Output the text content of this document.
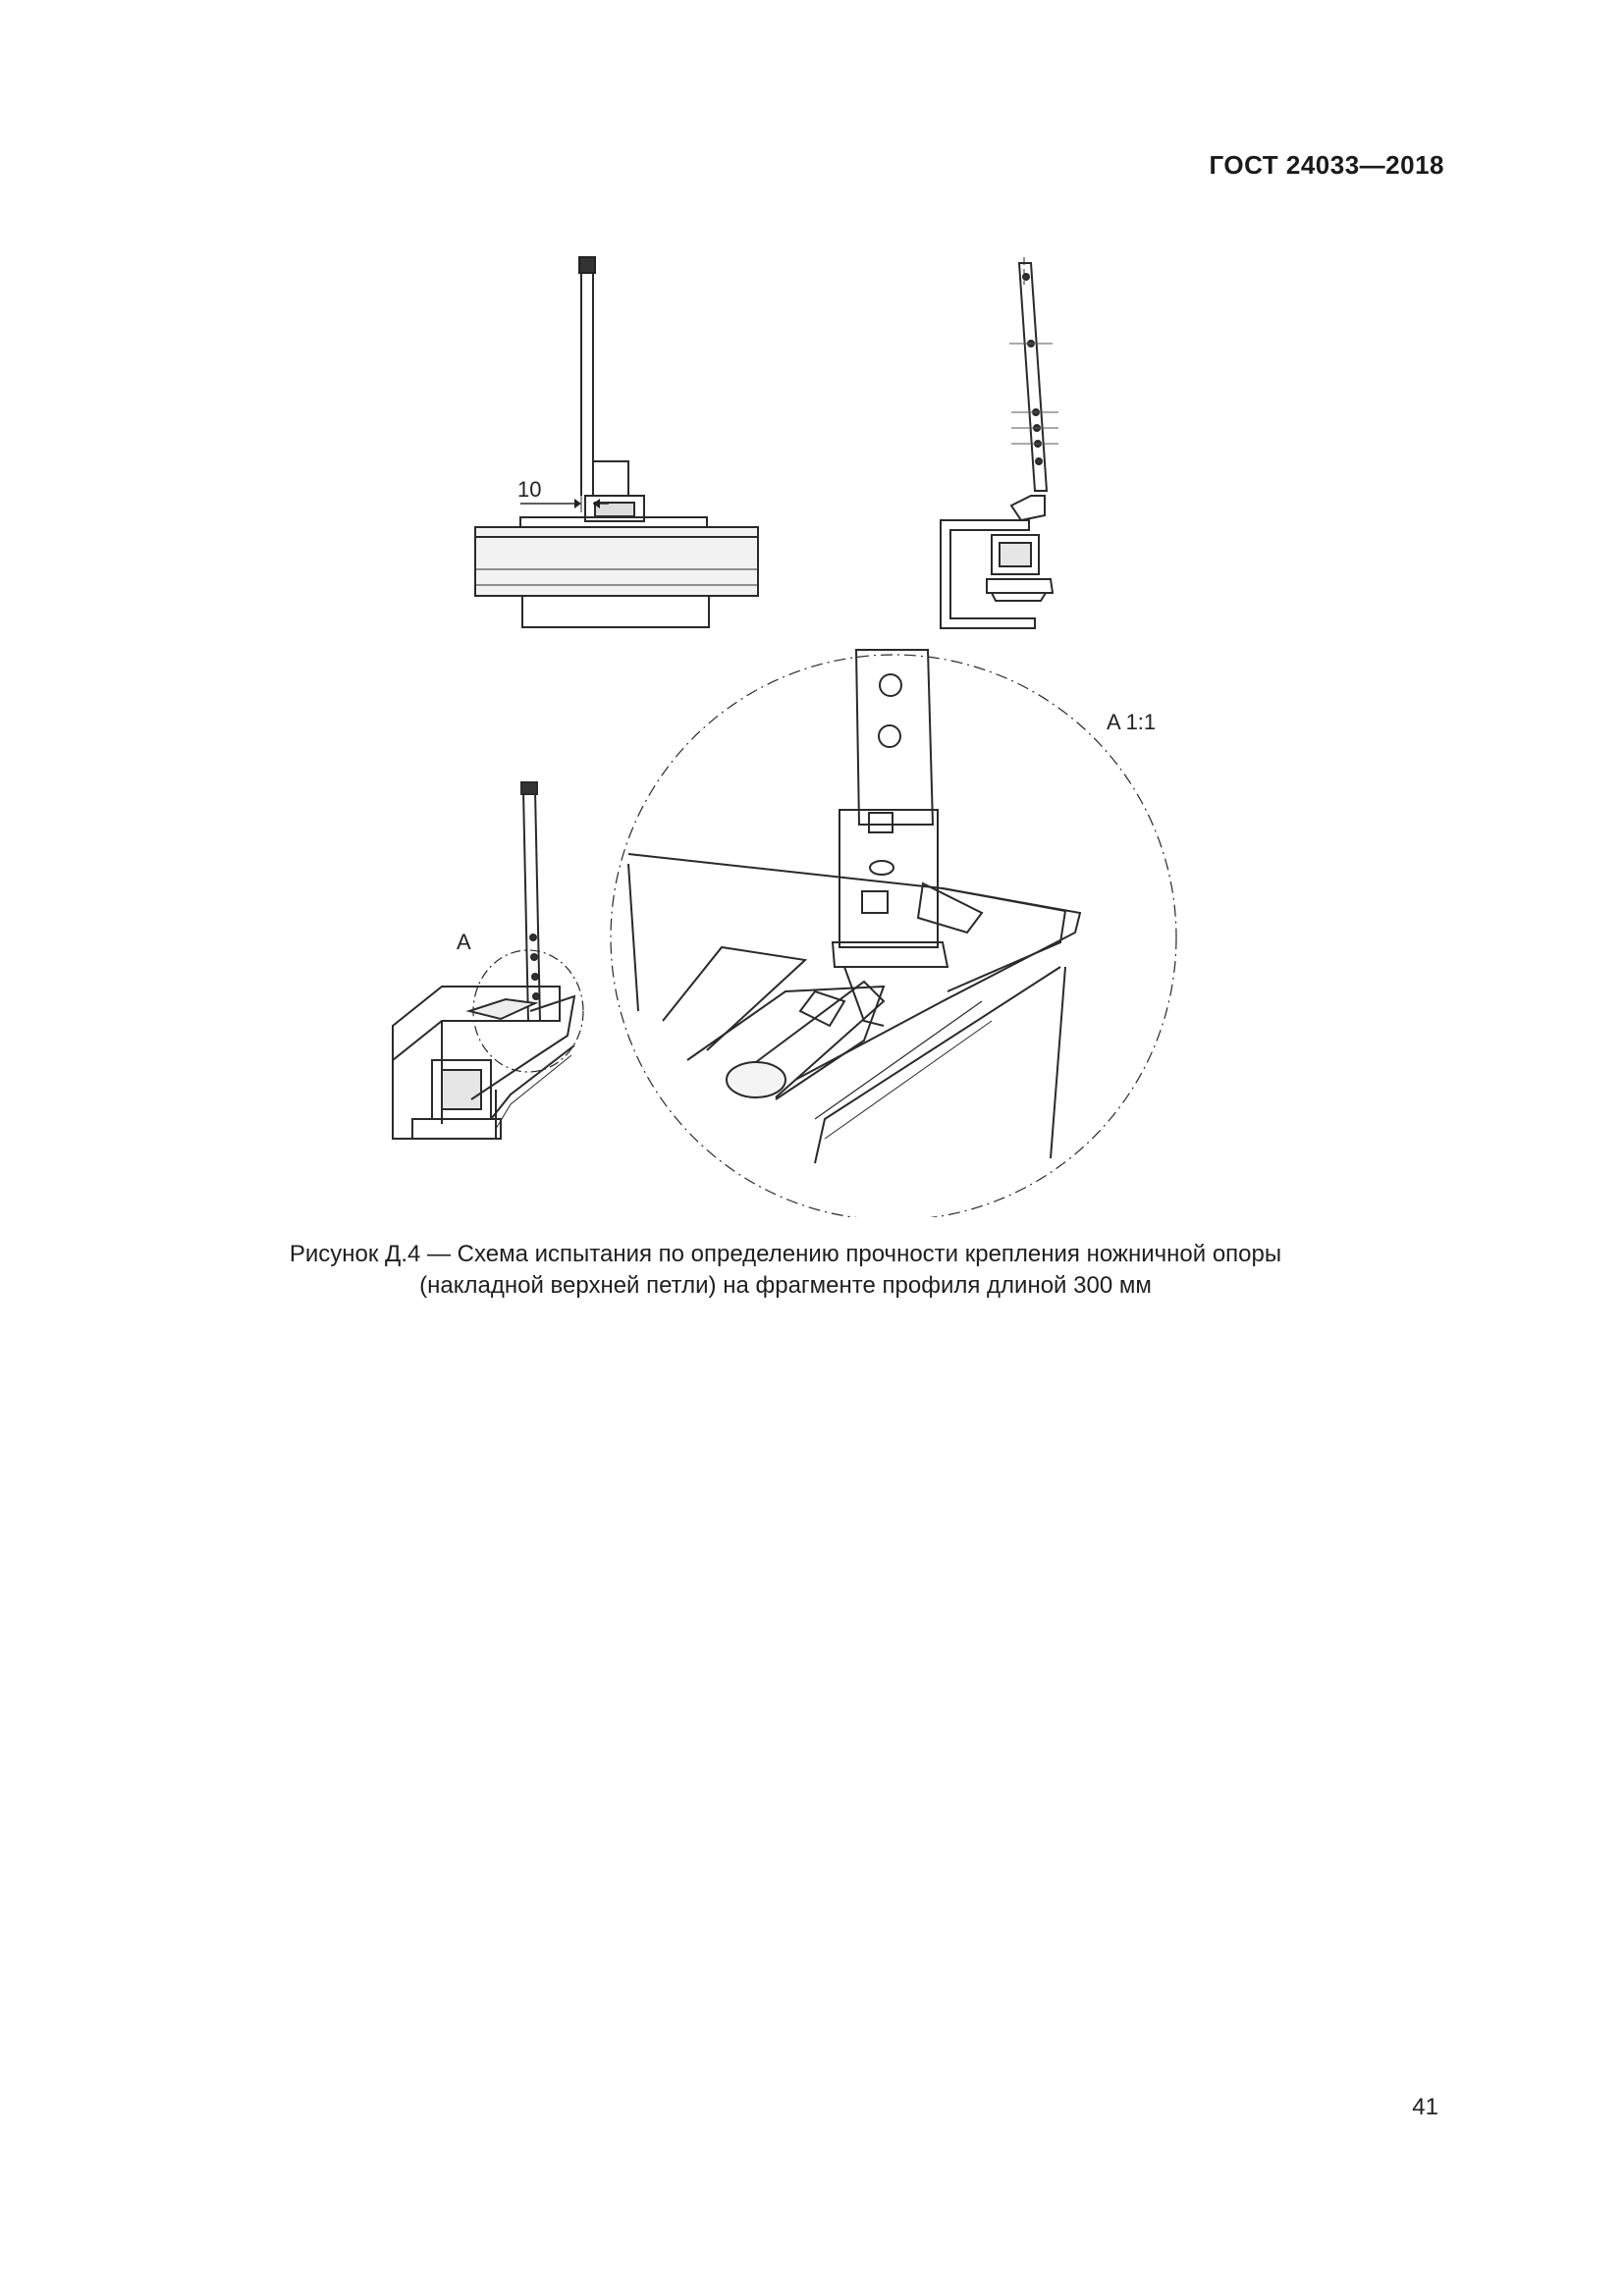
ГОСТ 24033—2018
10
A
A 1:1
Рисунок Д.4 — Схема испытания по определению прочности крепления ножничной опоры
(накладной верхней петли) на фрагменте профиля длиной 300 мм
41
